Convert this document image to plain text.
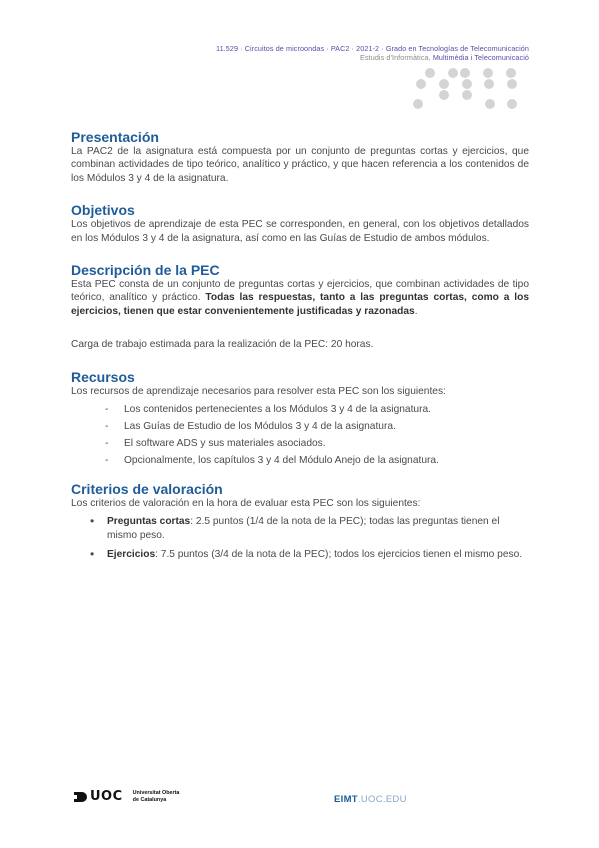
11.529 · Circuitos de microondas · PAC2 · 2021-2 · Grado en Tecnologías de Telecomunicación
Estudis d'Informàtica, Multimèdia i Telecomunicació
Presentación

La PAC2 de la asignatura está compuesta por un conjunto de preguntas cortas y ejercicios, que combinan actividades de tipo teórico, analítico y práctico, y que hacen referencia a los contenidos de los Módulos 3 y 4 de la asignatura.

Objetivos

Los objetivos de aprendizaje de esta PEC se corresponden, en general, con los objetivos detallados en los Módulos 3 y 4 de la asignatura, así como en las Guías de Estudio de ambos módulos.

Descripción de la PEC

Esta PEC consta de un conjunto de preguntas cortas y ejercicios, que combinan actividades de tipo teórico, analítico y práctico. Todas las respuestas, tanto a las preguntas cortas, como a los ejercicios, tienen que estar convenientemente justificadas y razonadas.

Carga de trabajo estimada para la realización de la PEC: 20 horas.

Recursos

Los recursos de aprendizaje necesarios para resolver esta PEC son los siguientes:

- Los contenidos pertenecientes a los Módulos 3 y 4 de la asignatura.
- Las Guías de Estudio de los Módulos 3 y 4 de la asignatura.
- El software ADS y sus materiales asociados.
- Opcionalmente, los capítulos 3 y 4 del Módulo Anejo de la asignatura.
Criterios de valoración

Los criterios de valoración en la hora de evaluar esta PEC son los siguientes:

• Preguntas cortas: 2.5 puntos (1/4 de la nota de la PEC); todas las preguntas tienen el mismo peso.
• Ejercicios: 7.5 puntos (3/4 de la nota de la PEC); todos los ejercicios tienen el mismo peso.
UOC Universitat Oberta
de Catalunya	EIMT.UOC.EDU
